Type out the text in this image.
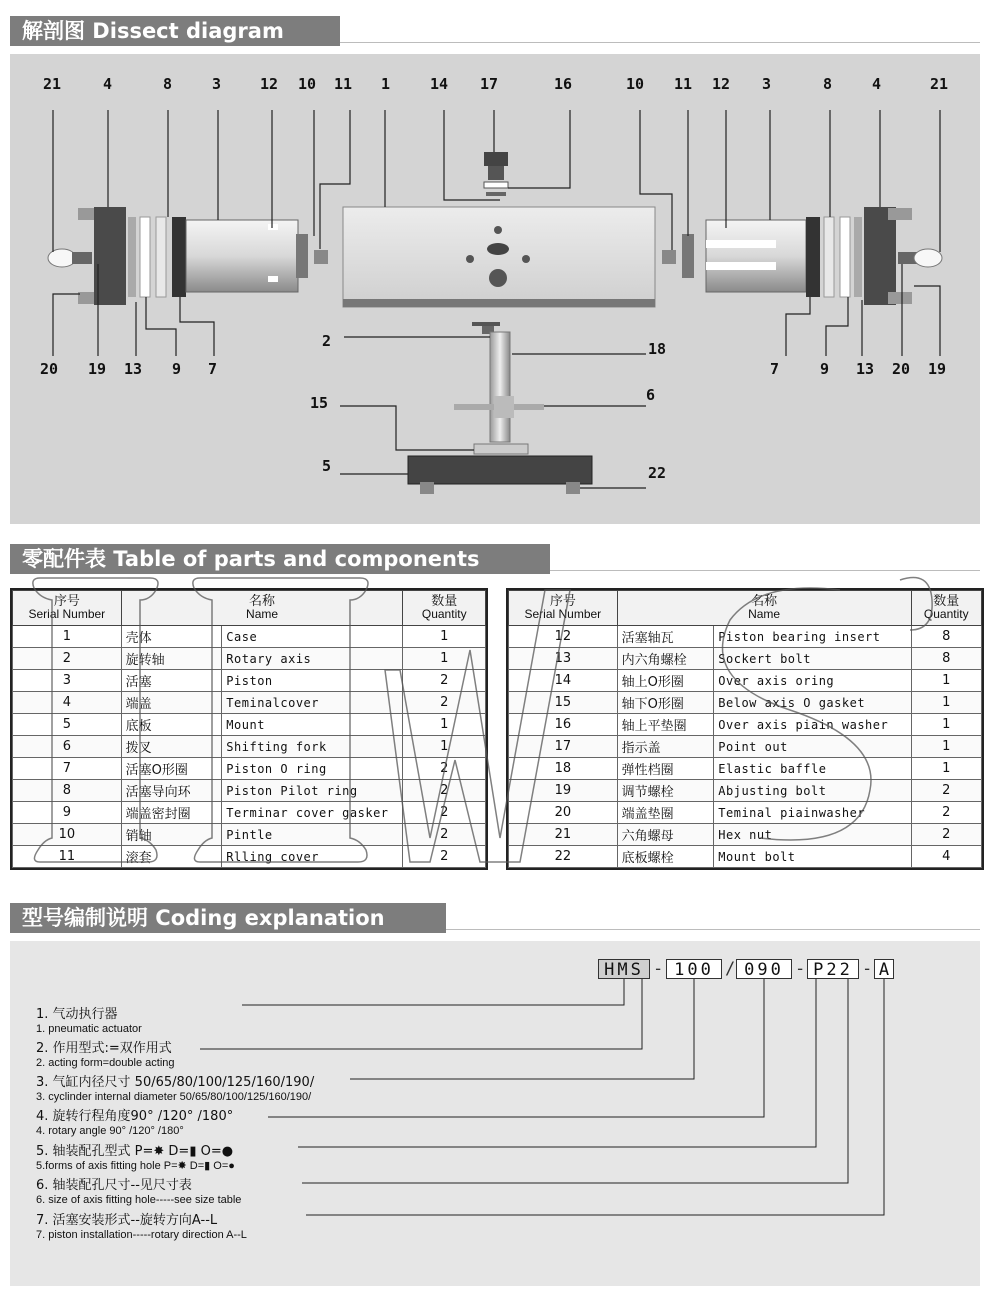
解剖图 Dissect diagram
21	4	8	3	12 10 11 1	14 17	16	10 11 12 3	8	4	21
20 19 13 9 7	7	9 13 20 19
2	18
15	6
5	22
零配件表 Table of parts and components
序号
Serial Number	名称
Name		数量
Quantity

1	壳体	Case	1
2	旋转轴	Rotary axis	1
3	活塞	Piston	2
4	端盖	Teminalcover	2
5	底板	Mount	1
6	拨叉	Shifting fork	1
7	活塞O形圈	Piston O ring	2
8	活塞导向环	Piston Pilot ring	2
9	端盖密封圈	Terminar cover gasker	2
10	销轴	Pintle	2
11	滚套	Rlling cover	2
序号
Serial Number	名称
Name		数量
Quantity

12	活塞轴瓦	Piston bearing insert	8
13	内六角螺栓	Sockert bolt	8
14	轴上O形圈	Over axis oring	1
15	轴下O形圈	Below axis O gasket	1
16	轴上平垫圈	Over axis piain washer	1
17	指示盖	Point out	1
18	弹性档圈	Elastic baffle	1
19	调节螺栓	Abjusting bolt	2
20	端盖垫圈	Teminal piainwasher	2
21	六角螺母	Hex nut	2
22	底板螺栓	Mount bolt	4
型号编制说明 Coding explanation
HMS - 100 / 090 - P22 - A
1. 气动执行器
1. pneumatic actuator
2. 作用型式:=双作用式
2. acting form=double acting
3. 气缸内径尺寸 50/65/80/100/125/160/190/
3. cyclinder internal diameter 50/65/80/100/125/160/190/
4. 旋转行程角度90° /120° /180°
4. rotary angle 90° /120° /180°
5. 轴装配孔型式 P=✸ D=▮ O=●
5.forms of axis fitting hole P=✸ D=▮ O=●
6. 轴装配孔尺寸--见尺寸表
6. size of axis fitting hole-----see size table
7. 活塞安装形式--旋转方向A--L
7. piston installation-----rotary direction A--L
